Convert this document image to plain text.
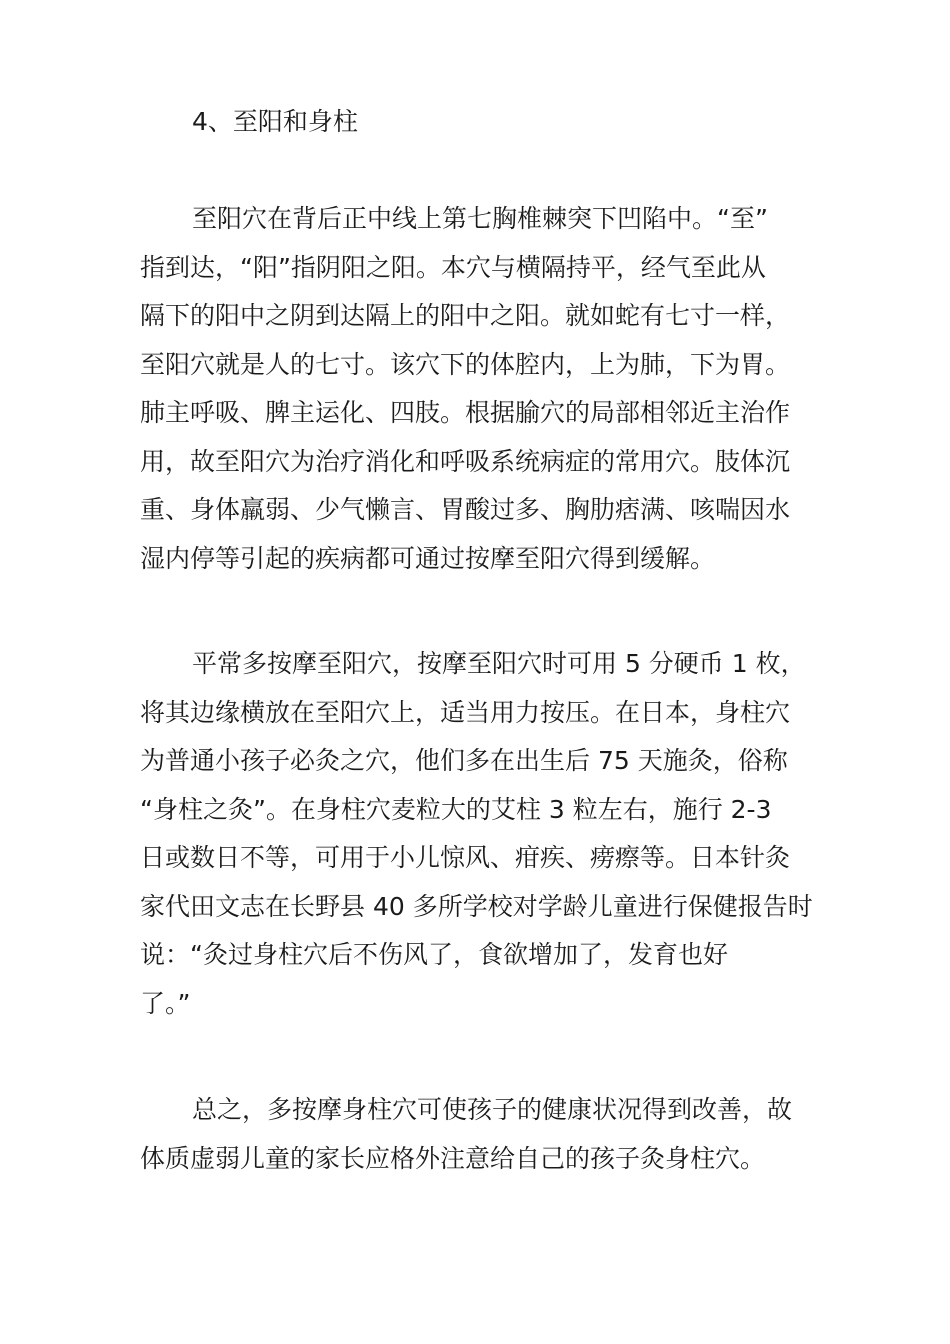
4、至阳和身柱
至阳穴在背后正中线上第七胸椎棘突下凹陷中。“至”
指到达，“阳”指阴阳之阳。本穴与横隔持平，经气至此从
隔下的阳中之阴到达隔上的阳中之阳。就如蛇有七寸一样，
至阳穴就是人的七寸。该穴下的体腔内，上为肺，下为胃。
肺主呼吸、脾主运化、四肢。根据腧穴的局部相邻近主治作
用，故至阳穴为治疗消化和呼吸系统病症的常用穴。肢体沉
重、身体羸弱、少气懒言、胃酸过多、胸肋痞满、咳喘因水
湿内停等引起的疾病都可通过按摩至阳穴得到缓解。
平常多按摩至阳穴，按摩至阳穴时可用 5 分硬币 1 枚，
将其边缘横放在至阳穴上，适当用力按压。在日本，身柱穴
为普通小孩子必灸之穴，他们多在出生后 75 天施灸，俗称
“身柱之灸”。在身柱穴麦粒大的艾柱 3 粒左右，施行 2-3
日或数日不等，可用于小儿惊风、疳疾、痨瘵等。日本针灸
家代田文志在长野县 40 多所学校对学龄儿童进行保健报告时
说：“灸过身柱穴后不伤风了，食欲增加了，发育也好
了。”
总之，多按摩身柱穴可使孩子的健康状况得到改善，故
体质虚弱儿童的家长应格外注意给自己的孩子灸身柱穴。
